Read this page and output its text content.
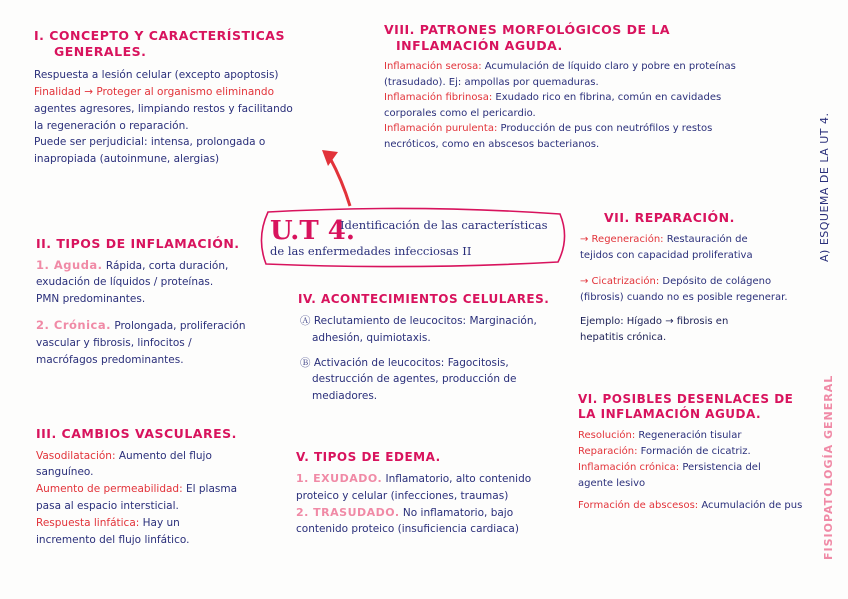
I. CONCEPTO Y CARACTERÍSTICAS
GENERALES.

Respuesta a lesión celular (excepto apoptosis)

Finalidad → Proteger al organismo eliminando

agentes agresores, limpiando restos y facilitando

la regeneración o reparación.

Puede ser perjudicial: intensa, prolongada o

inapropiada (autoinmune, alergias)

II. TIPOS DE INFLAMACIÓN.

1. Aguda. Rápida, corta duración,

exudación de líquidos / proteínas.

PMN predominantes.

2. Crónica. Prolongada, proliferación

vascular y fibrosis, linfocitos /

macrófagos predominantes.

III. CAMBIOS VASCULARES.

Vasodilatación: Aumento del flujo

sanguíneo.

Aumento de permeabilidad: El plasma

pasa al espacio intersticial.

Respuesta linfática: Hay un

incremento del flujo linfático.

U.T 4.
Identificación de las características
de las enfermedades infecciosas II
IV. ACONTECIMIENTOS CELULARES.

Ⓐ Reclutamiento de leucocitos: Marginación,

adhesión, quimiotaxis.

Ⓑ Activación de leucocitos: Fagocitosis,

destrucción de agentes, producción de

mediadores.

V. TIPOS DE EDEMA.

1. EXUDADO. Inflamatorio, alto contenido

proteico y celular (infecciones, traumas)

2. TRASUDADO. No inflamatorio, bajo

contenido proteico (insuficiencia cardiaca)

VIII. PATRONES MORFOLÓGICOS DE LA
INFLAMACIÓN AGUDA.

Inflamación serosa: Acumulación de líquido claro y pobre en proteínas

(trasudado). Ej: ampollas por quemaduras.

Inflamación fibrinosa: Exudado rico en fibrina, común en cavidades

corporales como el pericardio.

Inflamación purulenta: Producción de pus con neutrófilos y restos

necróticos, como en abscesos bacterianos.

VII. REPARACIÓN.

→ Regeneración: Restauración de

tejidos con capacidad proliferativa

→ Cicatrización: Depósito de colágeno

(fibrosis) cuando no es posible regenerar.

Ejemplo: Hígado → fibrosis en

hepatitis crónica.

VI. POSIBLES DESENLACES DE
LA INFLAMACIÓN AGUDA.

Resolución: Regeneración tisular

Reparación: Formación de cicatriz.

Inflamación crónica: Persistencia del

agente lesivo

Formación de abscesos: Acumulación de pus

A) ESQUEMA DE LA UT 4.
FISIOPATOLOGÍA GENERAL
